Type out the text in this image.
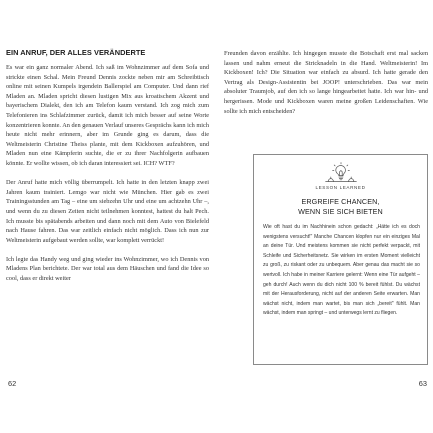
EIN ANRUF, DER ALLES VERÄNDERTE

Es war ein ganz normaler Abend. Ich saß im Wohnzimmer auf dem Sofa und strickte einen Schal. Mein Freund Dennis zockte neben mir am Schreibtisch online mit seinen Kumpels irgendein Ballerspiel am Computer. Und dann rief Mladen an. Mladen spricht diesen lustigen Mix aus kroatischem Akzent und bayerischem Dialekt, den ich am Telefon kaum verstand. Ich zog mich zum Telefonieren ins Schlafzimmer zurück, damit ich mich besser auf seine Worte konzentrieren konnte. An den genauen Verlauf unseres Gesprächs kann ich mich heute nicht mehr erinnern, aber im Grunde ging es darum, dass die Weltmeisterin Christine Theiss plante, mit dem Kickboxen aufzuhören, und Mladen nun eine Kämpferin suchte, die er zu ihrer Nachfolgerin aufbauen könnte. Er wollte wissen, ob ich daran interessiert sei. ICH? WTF?

Der Anruf hatte mich völlig überrumpelt. Ich hatte in den letzten knapp zwei Jahren kaum trainiert. Lemgo war nicht wie München. Hier gab es zwei Trainingsstunden am Tag – eine um siebzehn Uhr und eine um achtzehn Uhr –, und wenn du zu diesen Zeiten nicht teilnehmen konntest, hattest du halt Pech. Ich musste bis spätabends arbeiten und dann noch mit dem Auto von Bielefeld nach Hause fahren. Das war zeitlich einfach nicht möglich. Dass ich nun zur Weltmeisterin aufgebaut werden sollte, war komplett verrückt!

Ich legte das Handy weg und ging wieder ins Wohnzimmer, wo ich Dennis von Mladens Plan berichtete. Der war total aus dem Häuschen und fand die Idee so cool, dass er direkt weiter

62

Freunden davon erzählte. Ich hingegen musste die Botschaft erst mal sacken lassen und nahm erneut die Stricknadeln in die Hand. Weltmeisterin! Im Kickboxen! Ich? Die Situation war einfach zu absurd. Ich hatte gerade den Vertrag als Design-Assistentin bei JOOP! unterschrieben. Das war mein absoluter Traumjob, auf den ich so lange hingearbeitet hatte. Ich war hin- und hergerissen. Mode und Kickboxen waren meine großen Leidenschaften. Wie sollte ich mich entscheiden?

LESSON LEARNED
ERGREIFE CHANCEN,
WENN SIE SICH BIETEN
Wie oft hast du im Nachhinein schon gedacht: „Hätte ich es doch wenigstens versucht!" Manche Chancen klopfen nur ein einziges Mal an deine Tür. Und meistens kommen sie nicht perfekt verpackt, mit Schleife und Sicherheitsnetz. Sie wirken im ersten Moment vielleicht zu groß, zu riskant oder zu unbequem. Aber genau das macht sie so wertvoll. Ich habe in meiner Karriere gelernt: Wenn eine Tür aufgeht – geh durch! Auch wenn du dich nicht 100 % bereit fühlst. Du wächst mit der Herausforderung, nicht auf der anderen Seite erwarten. Man wächst nicht, indem man wartet, bis man sich „bereit" fühlt. Man wächst, indem man springt – und unterwegs lernt zu fliegen.
63
